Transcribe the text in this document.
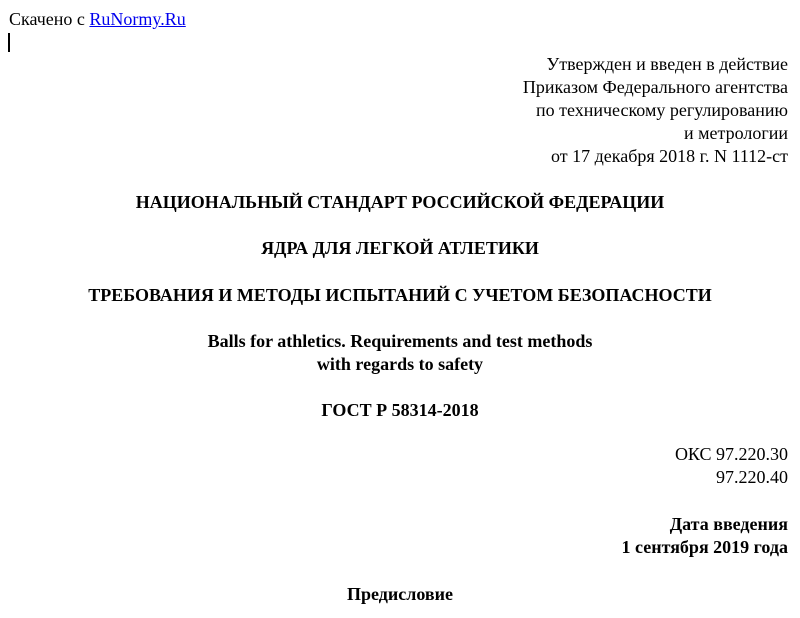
Скачено с RuNormy.Ru
Утвержден и введен в действие
Приказом Федерального агентства
по техническому регулированию
и метрологии
от 17 декабря 2018 г. N 1112-ст
НАЦИОНАЛЬНЫЙ СТАНДАРТ РОССИЙСКОЙ ФЕДЕРАЦИИ
ЯДРА ДЛЯ ЛЕГКОЙ АТЛЕТИКИ
ТРЕБОВАНИЯ И МЕТОДЫ ИСПЫТАНИЙ С УЧЕТОМ БЕЗОПАСНОСТИ
Balls for athletics. Requirements and test methods
with regards to safety
ГОСТ Р 58314-2018
ОКС 97.220.30
97.220.40
Дата введения
1 сентября 2019 года
Предисловие
